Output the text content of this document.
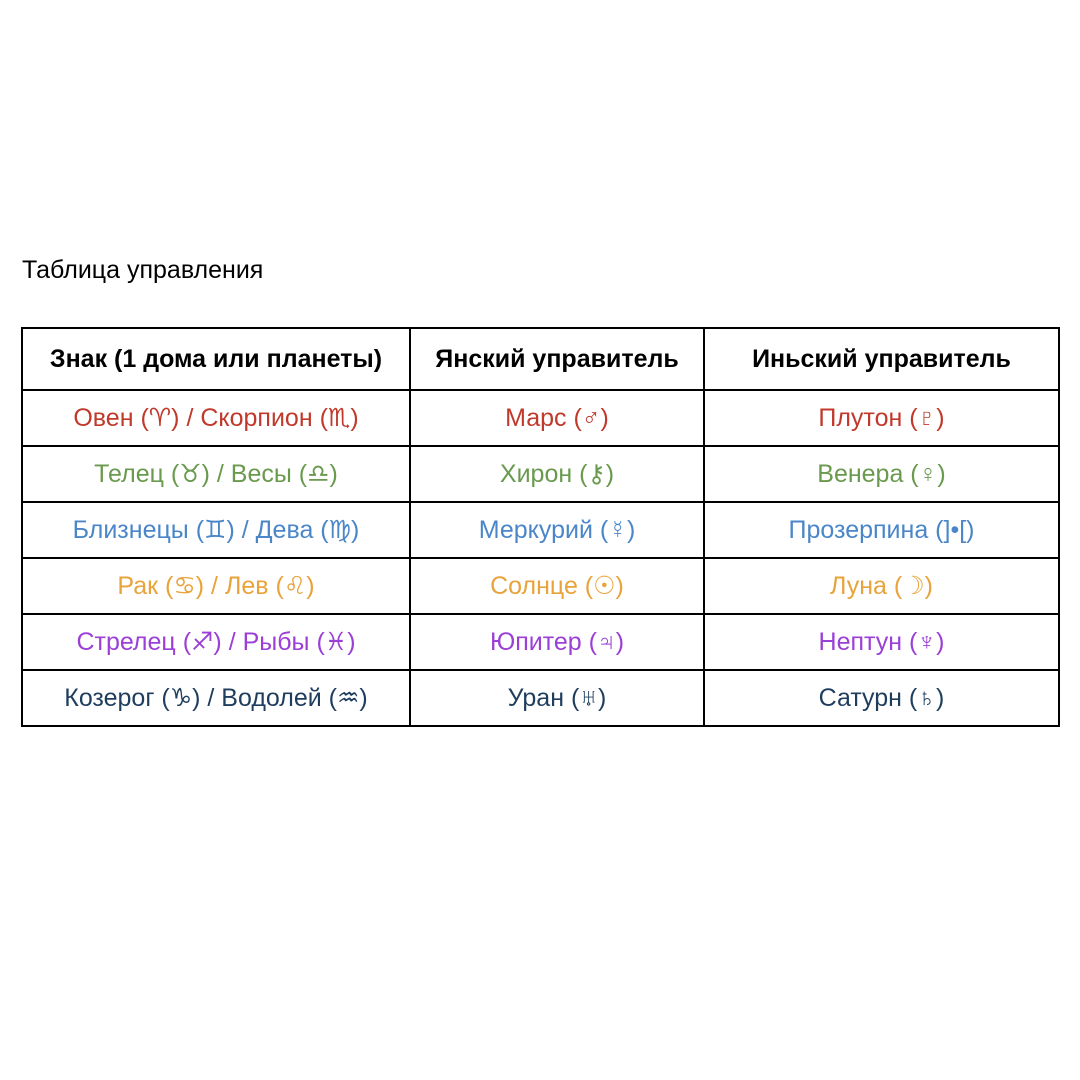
Таблица управления
Знак (1 дома или планеты)	Янский управитель	Иньский управитель
Овен (♈) / Скорпион (♏)	Марс (♂)	Плутон (♇)
Телец (♉) / Весы (♎)	Хирон (⚷)	Венера (♀)
Близнецы (♊) / Дева (♍)	Меркурий (☿)	Прозерпина (]•[)
Рак (♋) / Лев (♌)	Солнце (☉)	Луна (☽)
Стрелец (♐) / Рыбы (♓)	Юпитер (♃)	Нептун (♆)
Козерог (♑) / Водолей (♒)	Уран (♅)	Сатурн (♄)
